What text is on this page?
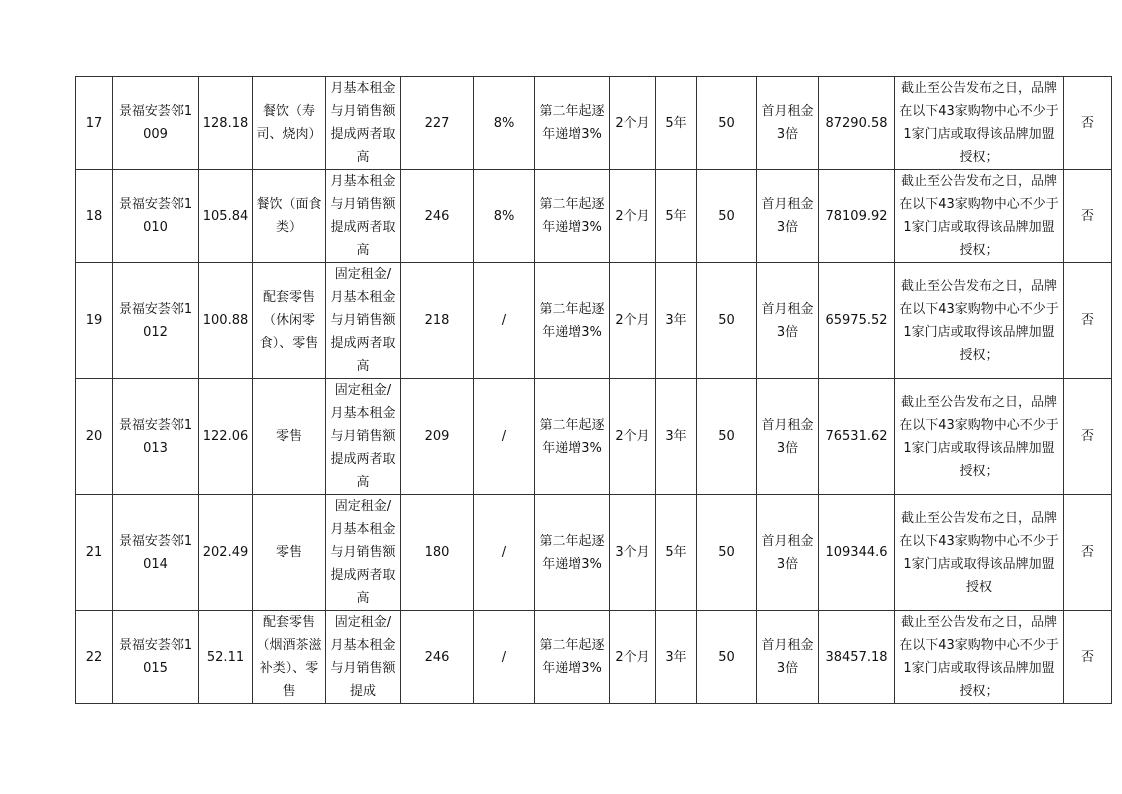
17	景福安荟邻1009	128.18	餐饮（寿司、烧肉）	月基本租金与月销售额提成两者取高	227	8%	第二年起逐年递增3%	2个月	5年	50	首月租金3倍	87290.58	截止至公告发布之日，品牌在以下43家购物中心不少于1家门店或取得该品牌加盟授权；	否
18	景福安荟邻1010	105.84	餐饮（面食类）	月基本租金与月销售额提成两者取高	246	8%	第二年起逐年递增3%	2个月	5年	50	首月租金3倍	78109.92	截止至公告发布之日，品牌在以下43家购物中心不少于1家门店或取得该品牌加盟授权；	否
19	景福安荟邻1012	100.88	配套零售（休闲零食）、零售	固定租金/月基本租金与月销售额提成两者取高	218	/	第二年起逐年递增3%	2个月	3年	50	首月租金3倍	65975.52	截止至公告发布之日，品牌在以下43家购物中心不少于1家门店或取得该品牌加盟授权；	否
20	景福安荟邻1013	122.06	零售	固定租金/月基本租金与月销售额提成两者取高	209	/	第二年起逐年递增3%	2个月	3年	50	首月租金3倍	76531.62	截止至公告发布之日，品牌在以下43家购物中心不少于1家门店或取得该品牌加盟授权；	否
21	景福安荟邻1014	202.49	零售	固定租金/月基本租金与月销售额提成两者取高	180	/	第二年起逐年递增3%	3个月	5年	50	首月租金3倍	109344.6	截止至公告发布之日，品牌在以下43家购物中心不少于1家门店或取得该品牌加盟授权	否
22	景福安荟邻1015	52.11	配套零售（烟酒茶滋补类）、零售	固定租金/月基本租金与月销售额提成	246	/	第二年起逐年递增3%	2个月	3年	50	首月租金3倍	38457.18	截止至公告发布之日，品牌在以下43家购物中心不少于1家门店或取得该品牌加盟授权；	否
